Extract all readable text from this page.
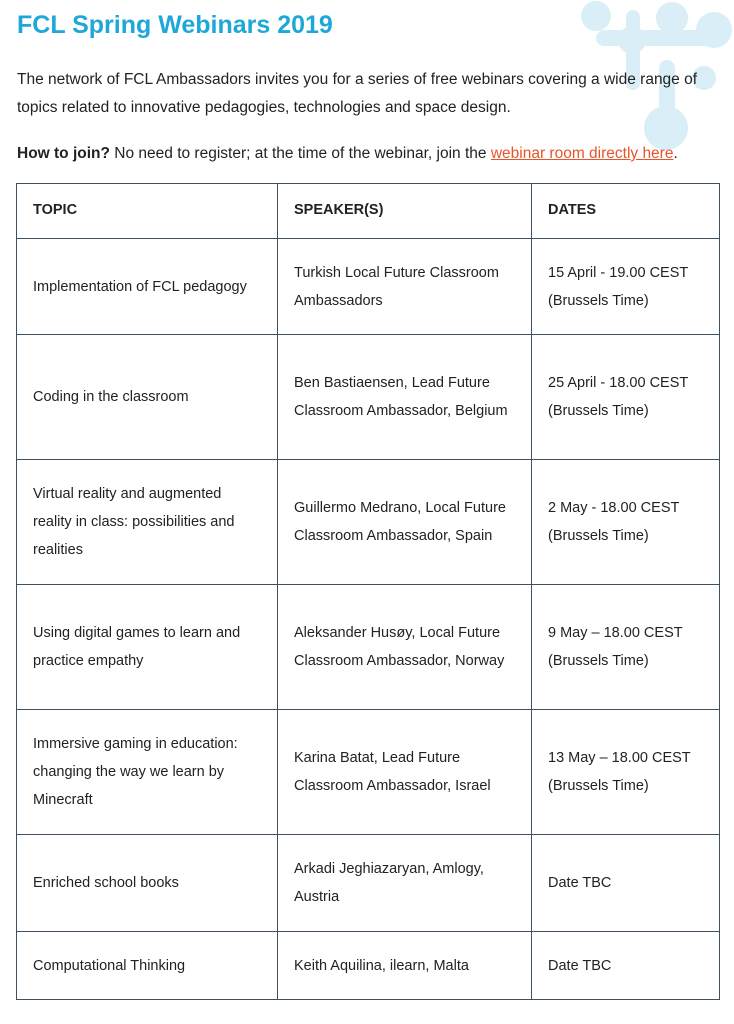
FCL Spring Webinars 2019

The network of FCL Ambassadors invites you for a series of free webinars covering a wide range of topics related to innovative pedagogies, technologies and space design.

How to join? No need to register; at the time of the webinar, join the webinar room directly here.

TOPIC	SPEAKER(S)	DATES
Implementation of FCL pedagogy	Turkish Local Future Classroom Ambassadors	15 April - 19.00 CEST (Brussels Time)
Coding in the classroom	Ben Bastiaensen, Lead Future Classroom Ambassador, Belgium	25 April - 18.00 CEST (Brussels Time)
Virtual reality and augmented reality in class: possibilities and realities	Guillermo Medrano, Local Future Classroom Ambassador, Spain	2 May - 18.00 CEST (Brussels Time)
Using digital games to learn and practice empathy	Aleksander Husøy, Local Future Classroom Ambassador, Norway	9 May – 18.00 CEST (Brussels Time)
Immersive gaming in education: changing the way we learn by Minecraft	Karina Batat, Lead Future Classroom Ambassador, Israel	13 May – 18.00 CEST (Brussels Time)
Enriched school books	Arkadi Jeghiazaryan, Amlogy, Austria	Date TBC
Computational Thinking	Keith Aquilina, ilearn, Malta	Date TBC
